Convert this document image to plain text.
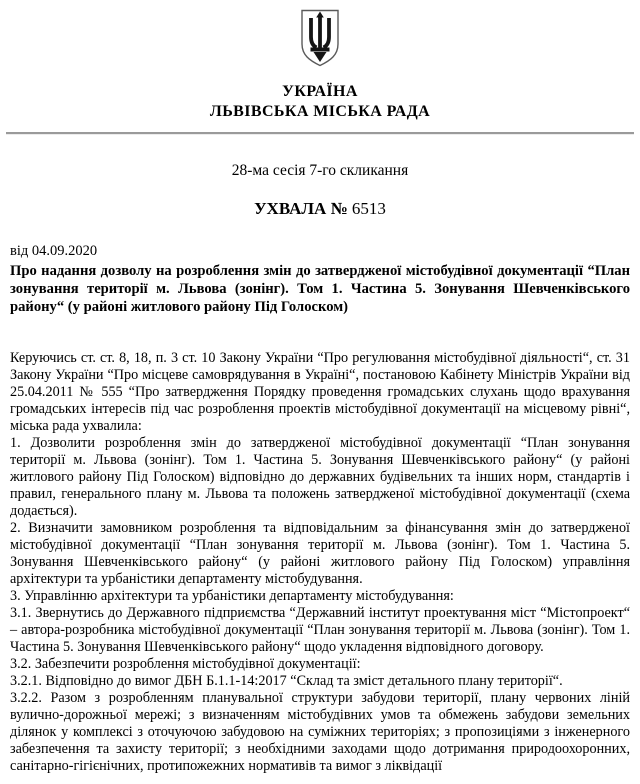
УКРАЇНА
ЛЬВІВСЬКА МІСЬКА РАДА
28-ма сесія 7-го скликання
УХВАЛА № 6513
від 04.09.2020
Про надання дозволу на розроблення змін до затвердженої містобудівної документації “План зонування території м. Львова (зонінг). Том 1. Частина 5. Зонування Шевченківського району“ (у районі житлового району Під Голоском)

Керуючись ст. ст. 8, 18, п. 3 ст. 10 Закону України “Про регулювання містобудівної діяльності“, ст. 31 Закону України “Про місцеве самоврядування в Україні“, постановою Кабінету Міністрів України від 25.04.2011 № 555 “Про затвердження Порядку проведення громадських слухань щодо врахування громадських інтересів під час розроблення проектів містобудівної документації на місцевому рівні“, міська рада ухвалила:

1. Дозволити розроблення змін до затвердженої містобудівної документації “План зонування території м. Львова (зонінг). Том 1. Частина 5. Зонування Шевченківського району“ (у районі житлового району Під Голоском) відповідно до державних будівельних та інших норм, стандартів і правил, генерального плану м. Львова та положень затвердженої містобудівної документації (схема додається).

2. Визначити замовником розроблення та відповідальним за фінансування змін до затвердженої містобудівної документації “План зонування території м. Львова (зонінг). Том 1. Частина 5. Зонування Шевченківського району“ (у районі житлового району Під Голоском) управління архітектури та урбаністики департаменту містобудування.

3. Управлінню архітектури та урбаністики департаменту містобудування:

3.1. Звернутись до Державного підприємства “Державний інститут проектування міст “Містопроект“ – автора-розробника містобудівної документації “План зонування території м. Львова (зонінг). Том 1. Частина 5. Зонування Шевченківського району“ щодо укладення відповідного договору.

3.2. Забезпечити розроблення містобудівної документації:

3.2.1. Відповідно до вимог ДБН Б.1.1-14:2017 “Склад та зміст детального плану території“.

3.2.2. Разом з розробленням планувальної структури забудови території, плану червоних ліній вулично-дорожньої мережі; з визначенням містобудівних умов та обмежень забудови земельних ділянок у комплексі з оточуючою забудовою на суміжних територіях; з пропозиціями з інженерного забезпечення та захисту території; з необхідними заходами щодо дотримання природоохоронних, санітарно-гігієнічних, протипожежних нормативів та вимог з ліквідації
